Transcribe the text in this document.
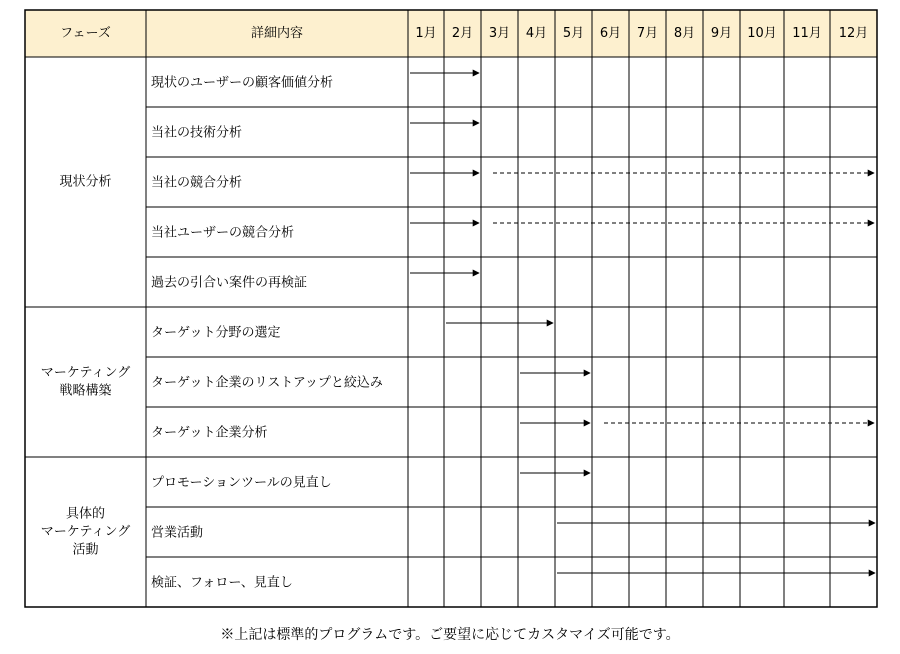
フェーズ	詳細内容	1月 2月 3月 4月 5月 6月 7月 8月 9月 10月 11月 12月
現状分析
マーケティング
戦略構築
具体的
マーケティング
活動
現状のユーザーの顧客価値分析
当社の技術分析
当社の競合分析
当社ユーザーの競合分析
過去の引合い案件の再検証
ターゲット分野の選定
ターゲット企業のリストアップと絞込み
ターゲット企業分析
プロモーションツールの見直し
営業活動
検証、フォロー、見直し
※上記は標準的プログラムです。ご要望に応じてカスタマイズ可能です。
